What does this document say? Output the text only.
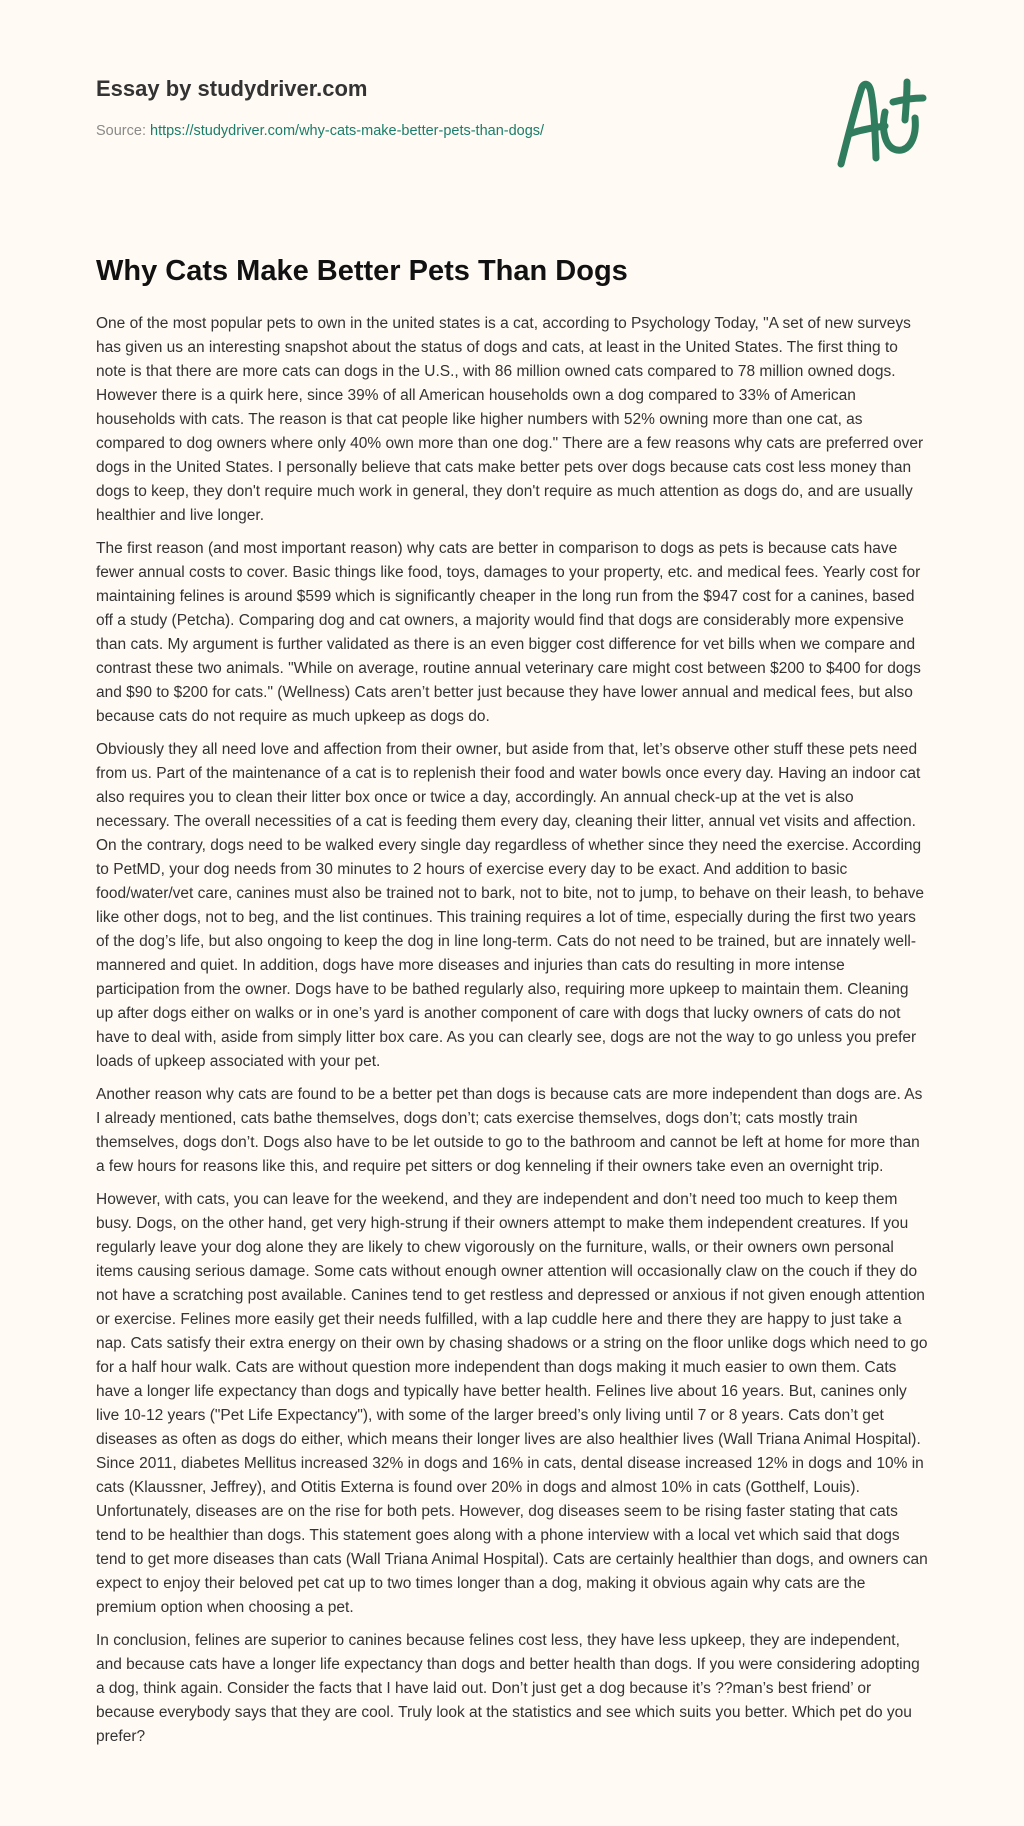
Essay by studydriver.com
Source: https://studydriver.com/why-cats-make-better-pets-than-dogs/
Why Cats Make Better Pets Than Dogs

One of the most popular pets to own in the united states is a cat, according to Psychology Today, "A set of new surveys has given us an interesting snapshot about the status of dogs and cats, at least in the United States. The first thing to note is that there are more cats can dogs in the U.S., with 86 million owned cats compared to 78 million owned dogs. However there is a quirk here, since 39% of all American households own a dog compared to 33% of American households with cats. The reason is that cat people like higher numbers with 52% owning more than one cat, as compared to dog owners where only 40% own more than one dog." There are a few reasons why cats are preferred over dogs in the United States. I personally believe that cats make better pets over dogs because cats cost less money than dogs to keep, they don't require much work in general, they don't require as much attention as dogs do, and are usually healthier and live longer.

The first reason (and most important reason) why cats are better in comparison to dogs as pets is because cats have fewer annual costs to cover. Basic things like food, toys, damages to your property, etc. and medical fees. Yearly cost for maintaining felines is around $599 which is significantly cheaper in the long run from the $947 cost for a canines, based off a study (Petcha). Comparing dog and cat owners, a majority would find that dogs are considerably more expensive than cats. My argument is further validated as there is an even bigger cost difference for vet bills when we compare and contrast these two animals. "While on average, routine annual veterinary care might cost between $200 to $400 for dogs and $90 to $200 for cats." (Wellness) Cats aren’t better just because they have lower annual and medical fees, but also because cats do not require as much upkeep as dogs do.

Obviously they all need love and affection from their owner, but aside from that, let’s observe other stuff these pets need from us. Part of the maintenance of a cat is to replenish their food and water bowls once every day. Having an indoor cat also requires you to clean their litter box once or twice a day, accordingly. An annual check-up at the vet is also necessary. The overall necessities of a cat is feeding them every day, cleaning their litter, annual vet visits and affection. On the contrary, dogs need to be walked every single day regardless of whether since they need the exercise. According to PetMD, your dog needs from 30 minutes to 2 hours of exercise every day to be exact. And addition to basic food/water/vet care, canines must also be trained not to bark, not to bite, not to jump, to behave on their leash, to behave like other dogs, not to beg, and the list continues. This training requires a lot of time, especially during the first two years of the dog’s life, but also ongoing to keep the dog in line long-term. Cats do not need to be trained, but are innately well-mannered and quiet. In addition, dogs have more diseases and injuries than cats do resulting in more intense participation from the owner. Dogs have to be bathed regularly also, requiring more upkeep to maintain them. Cleaning up after dogs either on walks or in one’s yard is another component of care with dogs that lucky owners of cats do not have to deal with, aside from simply litter box care. As you can clearly see, dogs are not the way to go unless you prefer loads of upkeep associated with your pet.

Another reason why cats are found to be a better pet than dogs is because cats are more independent than dogs are. As I already mentioned, cats bathe themselves, dogs don’t; cats exercise themselves, dogs don’t; cats mostly train themselves, dogs don’t. Dogs also have to be let outside to go to the bathroom and cannot be left at home for more than a few hours for reasons like this, and require pet sitters or dog kenneling if their owners take even an overnight trip.

However, with cats, you can leave for the weekend, and they are independent and don’t need too much to keep them busy. Dogs, on the other hand, get very high-strung if their owners attempt to make them independent creatures. If you regularly leave your dog alone they are likely to chew vigorously on the furniture, walls, or their owners own personal items causing serious damage. Some cats without enough owner attention will occasionally claw on the couch if they do not have a scratching post available. Canines tend to get restless and depressed or anxious if not given enough attention or exercise. Felines more easily get their needs fulfilled, with a lap cuddle here and there they are happy to just take a nap. Cats satisfy their extra energy on their own by chasing shadows or a string on the floor unlike dogs which need to go for a half hour walk. Cats are without question more independent than dogs making it much easier to own them. Cats have a longer life expectancy than dogs and typically have better health. Felines live about 16 years. But, canines only live 10-12 years ("Pet Life Expectancy"), with some of the larger breed’s only living until 7 or 8 years. Cats don’t get diseases as often as dogs do either, which means their longer lives are also healthier lives (Wall Triana Animal Hospital). Since 2011, diabetes Mellitus increased 32% in dogs and 16% in cats, dental disease increased 12% in dogs and 10% in cats (Klaussner, Jeffrey), and Otitis Externa is found over 20% in dogs and almost 10% in cats (Gotthelf, Louis). Unfortunately, diseases are on the rise for both pets. However, dog diseases seem to be rising faster stating that cats tend to be healthier than dogs. This statement goes along with a phone interview with a local vet which said that dogs tend to get more diseases than cats (Wall Triana Animal Hospital). Cats are certainly healthier than dogs, and owners can expect to enjoy their beloved pet cat up to two times longer than a dog, making it obvious again why cats are the premium option when choosing a pet.

In conclusion, felines are superior to canines because felines cost less, they have less upkeep, they are independent, and because cats have a longer life expectancy than dogs and better health than dogs. If you were considering adopting a dog, think again. Consider the facts that I have laid out. Don’t just get a dog because it’s ??man’s best friend’ or because everybody says that they are cool. Truly look at the statistics and see which suits you better. Which pet do you prefer?
